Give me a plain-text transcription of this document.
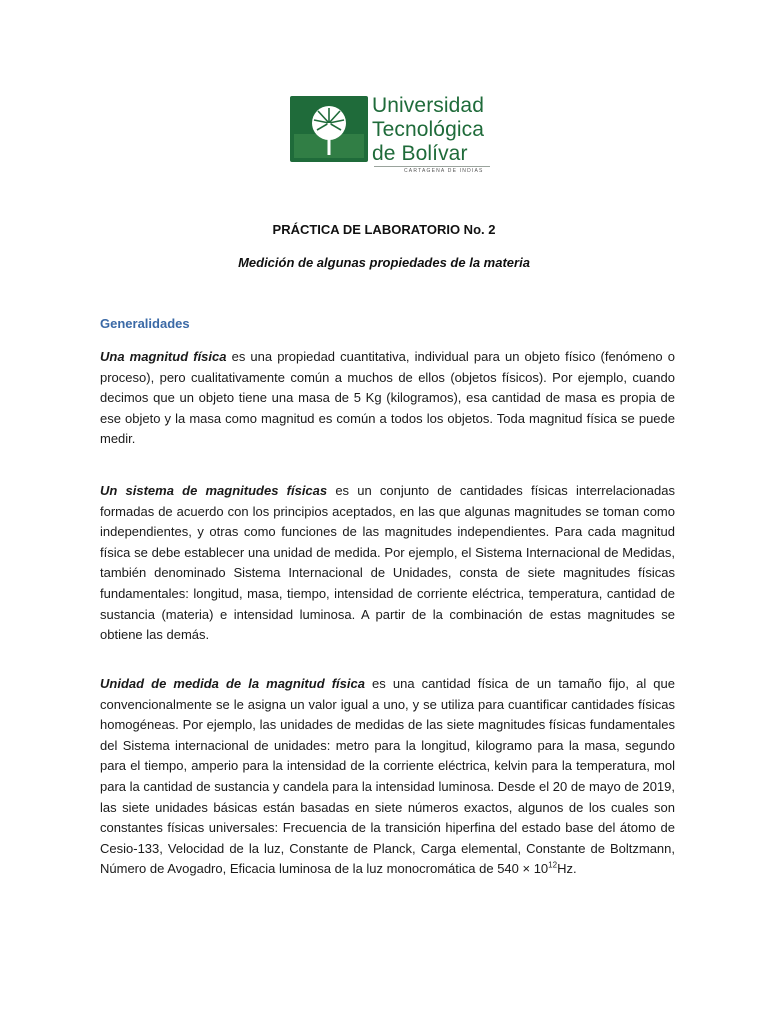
Universidad
Tecnológica
de Bolívar
CARTAGENA DE INDIAS
PRÁCTICA DE LABORATORIO No. 2
Medición de algunas propiedades de la materia
Generalidades

Una magnitud física es una propiedad cuantitativa, individual para un objeto físico (fenómeno o proceso), pero cualitativamente común a muchos de ellos (objetos físicos). Por ejemplo, cuando decimos que un objeto tiene una masa de 5 Kg (kilogramos), esa cantidad de masa es propia de ese objeto y la masa como magnitud es común a todos los objetos. Toda magnitud física se puede medir.

Un sistema de magnitudes físicas es un conjunto de cantidades físicas interrelacionadas formadas de acuerdo con los principios aceptados, en las que algunas magnitudes se toman como independientes, y otras como funciones de las magnitudes independientes. Para cada magnitud física se debe establecer una unidad de medida. Por ejemplo, el Sistema Internacional de Medidas, también denominado Sistema Internacional de Unidades, consta de siete magnitudes físicas fundamentales: longitud, masa, tiempo, intensidad de corriente eléctrica, temperatura, cantidad de sustancia (materia) e intensidad luminosa. A partir de la combinación de estas magnitudes se obtiene las demás.

Unidad de medida de la magnitud física es una cantidad física de un tamaño fijo, al que convencionalmente se le asigna un valor igual a uno, y se utiliza para cuantificar cantidades físicas homogéneas. Por ejemplo, las unidades de medidas de las siete magnitudes físicas fundamentales del Sistema internacional de unidades: metro para la longitud, kilogramo para la masa, segundo para el tiempo, amperio para la intensidad de la corriente eléctrica, kelvin para la temperatura, mol para la cantidad de sustancia y candela para la intensidad luminosa. Desde el 20 de mayo de 2019, las siete unidades básicas están basadas en siete números exactos, algunos de los cuales son constantes físicas universales: Frecuencia de la transición hiperfina del estado base del átomo de Cesio-133, Velocidad de la luz, Constante de Planck, Carga elemental, Constante de Boltzmann, Número de Avogadro, Eficacia luminosa de la luz monocromática de $540 \times 10^{12}Hz$.
